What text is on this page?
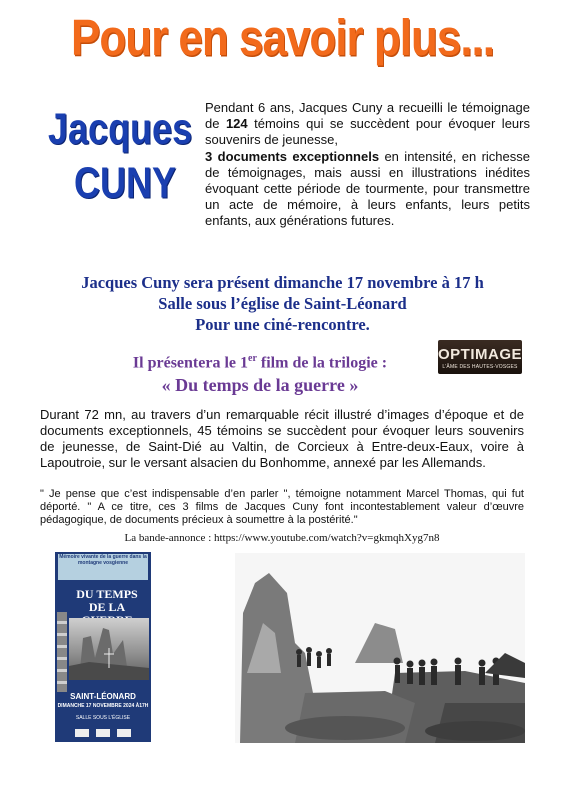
Pour en savoir plus...
Jacques
CUNY
Pendant 6 ans, Jacques Cuny a recueilli le témoignage de 124 témoins qui se succèdent pour évoquer leurs souvenirs de jeunesse,
3 documents exceptionnels en intensité, en richesse de témoignages, mais aussi en illustrations inédites évoquant cette période de tourmente, pour transmettre un acte de mémoire, à leurs enfants, leurs petits enfants, aux générations futures.
Jacques Cuny sera présent dimanche 17 novembre à 17 h
Salle sous l’église de Saint-Léonard
Pour une ciné-rencontre.
Il présentera le 1er film de la trilogie :
« Du temps de la guerre »
OPTIMAGE
L’ÂME DES HAUTES-VOSGES
Durant 72 mn, au travers d’un remarquable récit illustré d’images d’époque et de documents exceptionnels, 45 témoins se succèdent pour évoquer leurs souvenirs de jeunesse, de Saint-Dié au Valtin, de Corcieux à Entre-deux-Eaux, voire à Lapoutroie, sur le versant alsacien du Bonhomme, annexé par les Allemands.
" Je pense que c’est indispensable d’en parler ", témoigne notamment Marcel Thomas, qui fut déporté. " A ce titre, ces 3 films de Jacques Cuny font incontestablement valeur d’œuvre pédagogique, de documents précieux à soumettre à la postérité."
La bande-annonce : https://www.youtube.com/watch?v=gkmqhXyg7n8
Mémoire vivante de la guerre dans la montagne vosgienne
DU TEMPS DE LA
SAINT-LÉONARD
DIMANCHE 17 NOVEMBRE 2024 À17H
SALLE SOUS L’ÉGLISE
